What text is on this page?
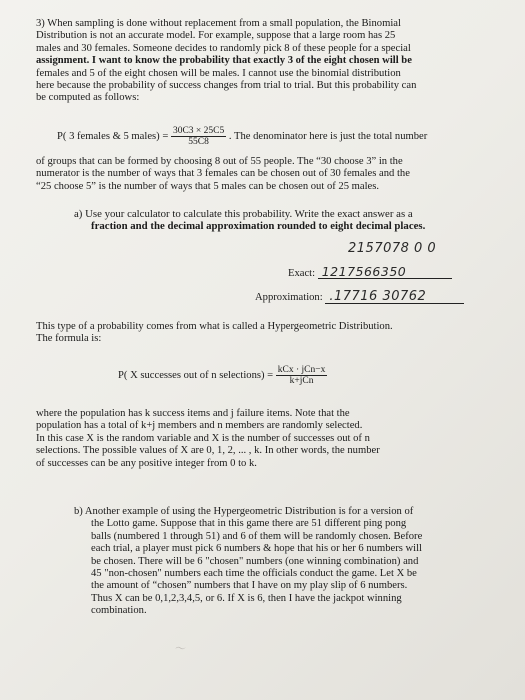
3) When sampling is done without replacement from a small population, the Binomial
Distribution is not an accurate model. For example, suppose that a large room has 25
males and 30 females. Someone decides to randomly pick 8 of these people for a special
assignment. I want to know the probability that exactly 3 of the eight chosen will be
females and 5 of the eight chosen will be males. I cannot use the binomial distribution
here because the probability of success changes from trial to trial. But this probability can
be computed as follows:
P( 3 females & 5 males) = $\frac{30C3 \times 25C5}{55C8}$ . The denominator here is just the total number
of groups that can be formed by choosing 8 out of 55 people. The “30 choose 3” in the
numerator is the number of ways that 3 females can be chosen out of 30 females and the
“25 choose 5” is the number of ways that 5 males can be chosen out of 25 males.
a) Use your calculator to calculate this probability. Write the exact answer as a
fraction and the decimal approximation rounded to eight decimal places.
2157078 0 0
Exact: 1217566350
Approximation: .17716 30762
This type of a probability comes from what is called a Hypergeometric Distribution.
The formula is:
P( X successes out of n selections) = $\frac{\text{kCx · jCn−x}}{\text{k+jCn}}$
where the population has k success items and j failure items. Note that the
population has a total of k+j members and n members are randomly selected.
In this case X is the random variable and X is the number of successes out of n
selections. The possible values of X are 0, 1, 2, ... , k. In other words, the number
of successes can be any positive integer from 0 to k.
b) Another example of using the Hypergeometric Distribution is for a version of
the Lotto game. Suppose that in this game there are 51 different ping pong
balls (numbered 1 through 51) and 6 of them will be randomly chosen. Before
each trial, a player must pick 6 numbers & hope that his or her 6 numbers will
be chosen. There will be 6 "chosen" numbers (one winning combination) and
45 "non-chosen" numbers each time the officials conduct the game. Let X be
the amount of “chosen” numbers that I have on my play slip of 6 numbers.
Thus X can be 0,1,2,3,4,5, or 6. If X is 6, then I have the jackpot winning
combination.
〜
